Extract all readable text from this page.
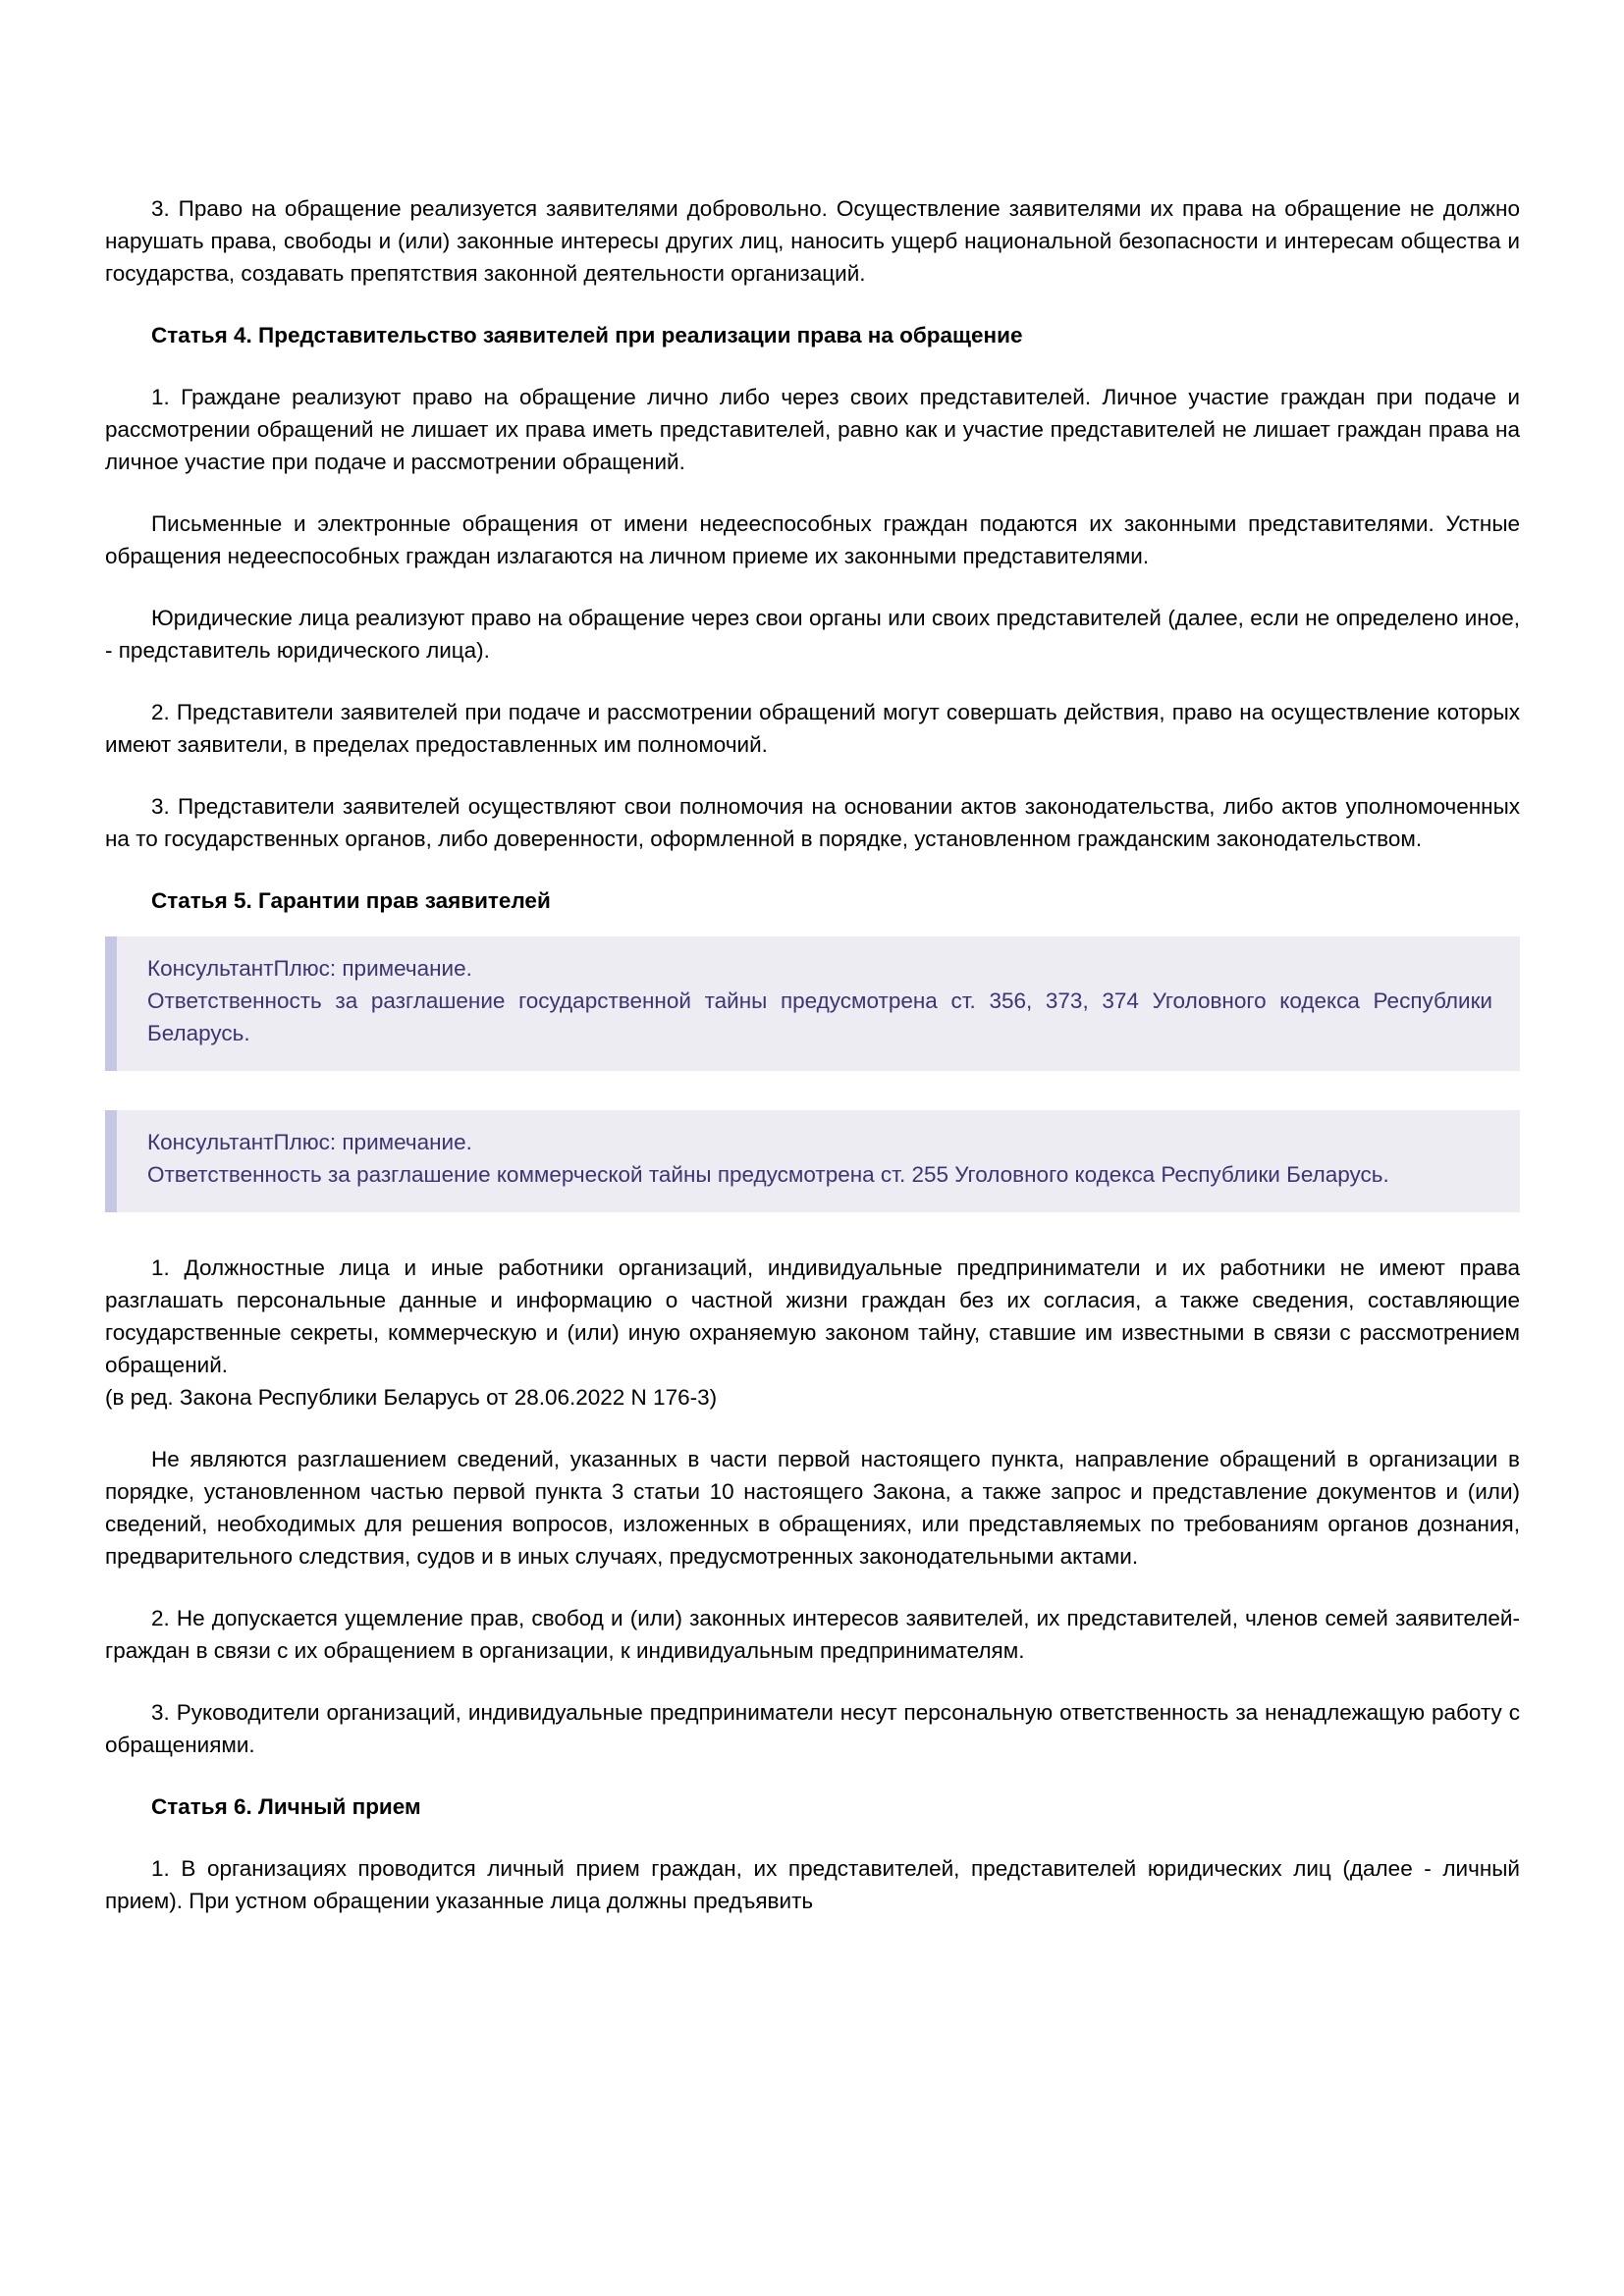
3. Право на обращение реализуется заявителями добровольно. Осуществление заявителями их права на обращение не должно нарушать права, свободы и (или) законные интересы других лиц, наносить ущерб национальной безопасности и интересам общества и государства, создавать препятствия законной деятельности организаций.

Статья 4. Представительство заявителей при реализации права на обращение

1. Граждане реализуют право на обращение лично либо через своих представителей. Личное участие граждан при подаче и рассмотрении обращений не лишает их права иметь представителей, равно как и участие представителей не лишает граждан права на личное участие при подаче и рассмотрении обращений.

Письменные и электронные обращения от имени недееспособных граждан подаются их законными представителями. Устные обращения недееспособных граждан излагаются на личном приеме их законными представителями.

Юридические лица реализуют право на обращение через свои органы или своих представителей (далее, если не определено иное, - представитель юридического лица).

2. Представители заявителей при подаче и рассмотрении обращений могут совершать действия, право на осуществление которых имеют заявители, в пределах предоставленных им полномочий.

3. Представители заявителей осуществляют свои полномочия на основании актов законодательства, либо актов уполномоченных на то государственных органов, либо доверенности, оформленной в порядке, установленном гражданским законодательством.

Статья 5. Гарантии прав заявителей
КонсультантПлюс: примечание.
Ответственность за разглашение государственной тайны предусмотрена ст. 356, 373, 374 Уголовного кодекса Республики Беларусь.
КонсультантПлюс: примечание.
Ответственность за разглашение коммерческой тайны предусмотрена ст. 255 Уголовного кодекса Республики Беларусь.

1. Должностные лица и иные работники организаций, индивидуальные предприниматели и их работники не имеют права разглашать персональные данные и информацию о частной жизни граждан без их согласия, а также сведения, составляющие государственные секреты, коммерческую и (или) иную охраняемую законом тайну, ставшие им известными в связи с рассмотрением обращений.

(в ред. Закона Республики Беларусь от 28.06.2022 N 176-3)

Не являются разглашением сведений, указанных в части первой настоящего пункта, направление обращений в организации в порядке, установленном частью первой пункта 3 статьи 10 настоящего Закона, а также запрос и представление документов и (или) сведений, необходимых для решения вопросов, изложенных в обращениях, или представляемых по требованиям органов дознания, предварительного следствия, судов и в иных случаях, предусмотренных законодательными актами.

2. Не допускается ущемление прав, свобод и (или) законных интересов заявителей, их представителей, членов семей заявителей-граждан в связи с их обращением в организации, к индивидуальным предпринимателям.

3. Руководители организаций, индивидуальные предприниматели несут персональную ответственность за ненадлежащую работу с обращениями.

Статья 6. Личный прием

1. В организациях проводится личный прием граждан, их представителей, представителей юридических лиц (далее - личный прием). При устном обращении указанные лица должны предъявить
